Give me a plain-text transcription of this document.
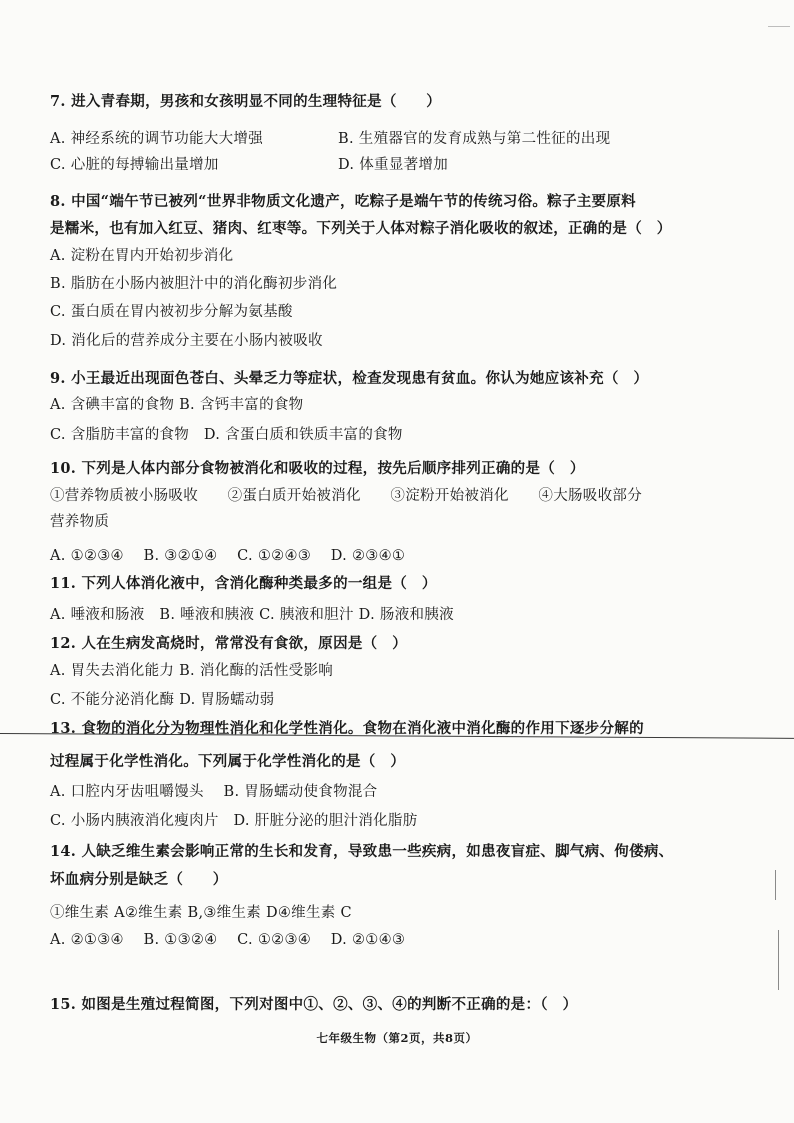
7. 进入青春期，男孩和女孩明显不同的生理特征是（　　）
A. 神经系统的调节功能大大增强	B. 生殖器官的发育成熟与第二性征的出现
C. 心脏的每搏输出量增加	D. 体重显著增加
8. 中国“端午节已被列“世界非物质文化遗产，吃粽子是端午节的传统习俗。粽子主要原料
是糯米，也有加入红豆、猪肉、红枣等。下列关于人体对粽子消化吸收的叙述，正确的是（　）
A. 淀粉在胃内开始初步消化
B. 脂肪在小肠内被胆汁中的消化酶初步消化
C. 蛋白质在胃内被初步分解为氨基酸
D. 消化后的营养成分主要在小肠内被吸收
9. 小王最近出现面色苍白、头晕乏力等症状，检查发现患有贫血。你认为她应该补充（　）
A. 含碘丰富的食物 B. 含钙丰富的食物
C. 含脂肪丰富的食物　D. 含蛋白质和铁质丰富的食物
10. 下列是人体内部分食物被消化和吸收的过程，按先后顺序排列正确的是（　）
①营养物质被小肠吸收　　②蛋白质开始被消化　　③淀粉开始被消化　　④大肠吸收部分
营养物质
A. ①②③④　 B. ③②①④　 C. ①②④③　 D. ②③④①
11. 下列人体消化液中，含消化酶种类最多的一组是（　）
A. 唾液和肠液　B. 唾液和胰液 C. 胰液和胆汁 D. 肠液和胰液
12. 人在生病发高烧时，常常没有食欲，原因是（　）
A. 胃失去消化能力 B. 消化酶的活性受影响
C. 不能分泌消化酶 D. 胃肠蠕动弱
13. 食物的消化分为物理性消化和化学性消化。食物在消化液中消化酶的作用下逐步分解的
过程属于化学性消化。下列属于化学性消化的是（　）
A. 口腔内牙齿咀嚼馒头　 B. 胃肠蠕动使食物混合
C. 小肠内胰液消化瘦肉片　D. 肝脏分泌的胆汁消化脂肪
14. 人缺乏维生素会影响正常的生长和发育，导致患一些疾病，如患夜盲症、脚气病、佝偻病、
坏血病分别是缺乏（　　）
①维生素 A②维生素 B,③维生素 D④维生素 C
A. ②①③④　 B. ①③②④　 C. ①②③④　 D. ②①④③
15. 如图是生殖过程简图，下列对图中①、②、③、④的判断不正确的是：（　）
七年级生物（第2页，共8页）
